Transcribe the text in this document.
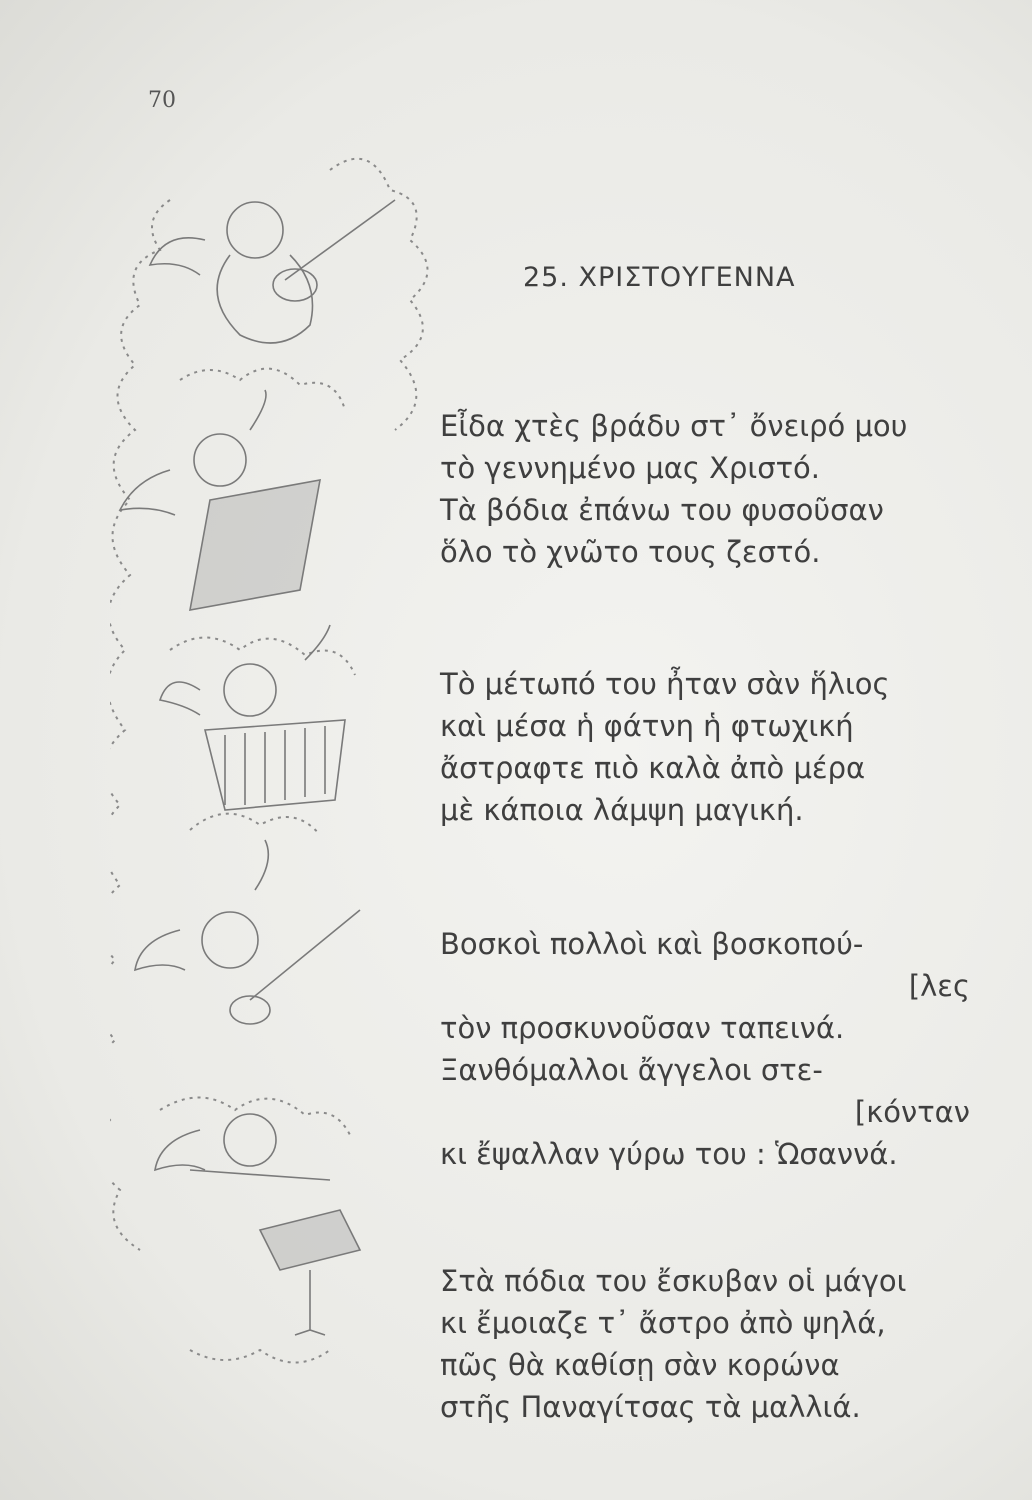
70
25. ΧΡΙΣΤΟΥΓΕΝΝΑ
Εἶδα χτὲς βράδυ στ᾿ ὄνειρό μου
τὸ γεννημένο μας Χριστό.
Τὰ βόδια ἐπάνω του φυσοῦσαν
ὅλο τὸ χνῶτο τους ζεστό.
Τὸ μέτωπό του ἦταν σὰν ἥλιος
καὶ μέσα ἡ φάτνη ἡ φτωχική
ἄστραφτε πιὸ καλὰ ἀπὸ μέρα
μὲ κάποια λάμψη μαγική.
Βοσκοὶ πολλοὶ καὶ βοσκοπού-
[λες
τὸν προσκυνοῦσαν ταπεινά.
Ξανθόμαλλοι ἄγγελοι στε-
[κόνταν
κι ἔψαλλαν γύρω του : Ὡσαννά.
Στὰ πόδια του ἔσκυβαν οἱ μάγοι
κι ἔμοιαζε τ᾿ ἄστρο ἀπὸ ψηλά,
πῶς θὰ καθίσῃ σὰν κορώνα
στῆς Παναγίτσας τὰ μαλλιά.
